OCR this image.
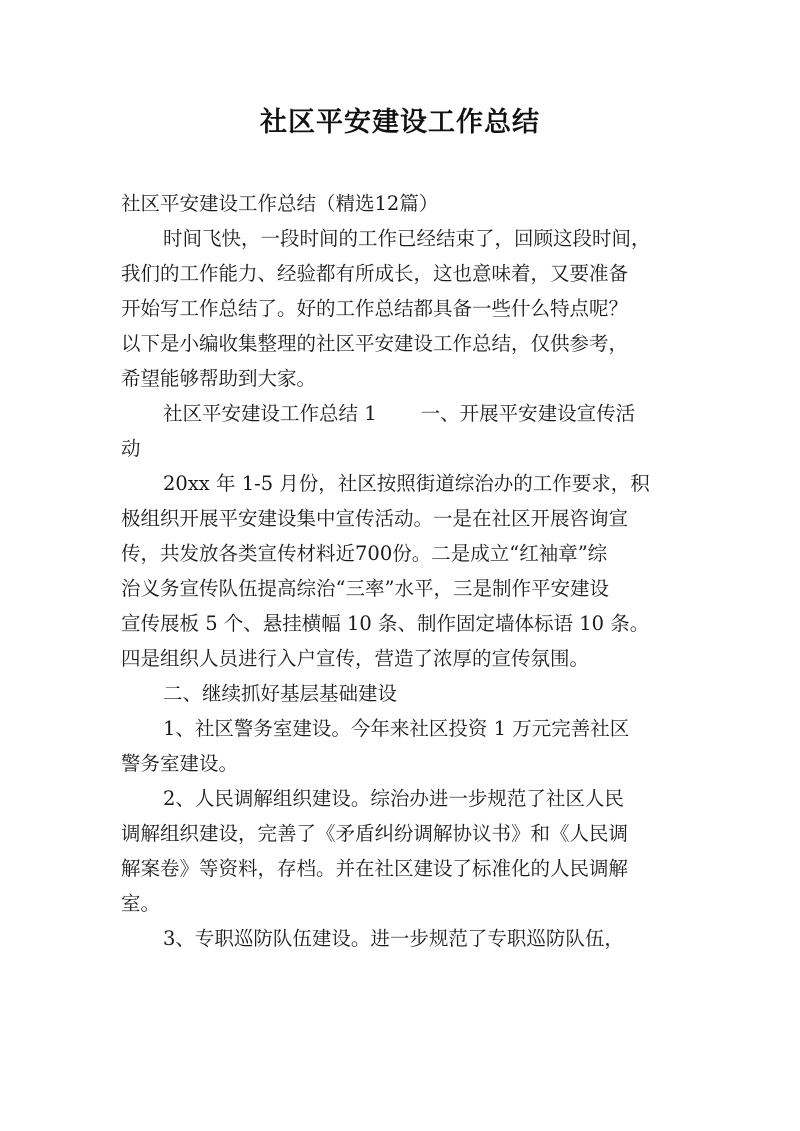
社区平安建设工作总结
社区平安建设工作总结（精选12篇）
时间飞快，一段时间的工作已经结束了，回顾这段时间，
我们的工作能力、经验都有所成长，这也意味着，又要准备
开始写工作总结了。好的工作总结都具备一些什么特点呢？
以下是小编收集整理的社区平安建设工作总结，仅供参考，
希望能够帮助到大家。
社区平安建设工作总结 1 一、开展平安建设宣传活
动
20xx 年 1-5 月份，社区按照街道综治办的工作要求，积
极组织开展平安建设集中宣传活动。一是在社区开展咨询宣
传，共发放各类宣传材料近700份。二是成立“红袖章”综
治义务宣传队伍提高综治“三率”水平，三是制作平安建设
宣传展板 5 个、悬挂横幅 10 条、制作固定墙体标语 10 条。
四是组织人员进行入户宣传，营造了浓厚的宣传氛围。
二、继续抓好基层基础建设
1、社区警务室建设。今年来社区投资 1 万元完善社区
警务室建设。
2、人民调解组织建设。综治办进一步规范了社区人民
调解组织建设，完善了《矛盾纠纷调解协议书》和《人民调
解案卷》等资料，存档。并在社区建设了标准化的人民调解
室。
3、专职巡防队伍建设。进一步规范了专职巡防队伍，
